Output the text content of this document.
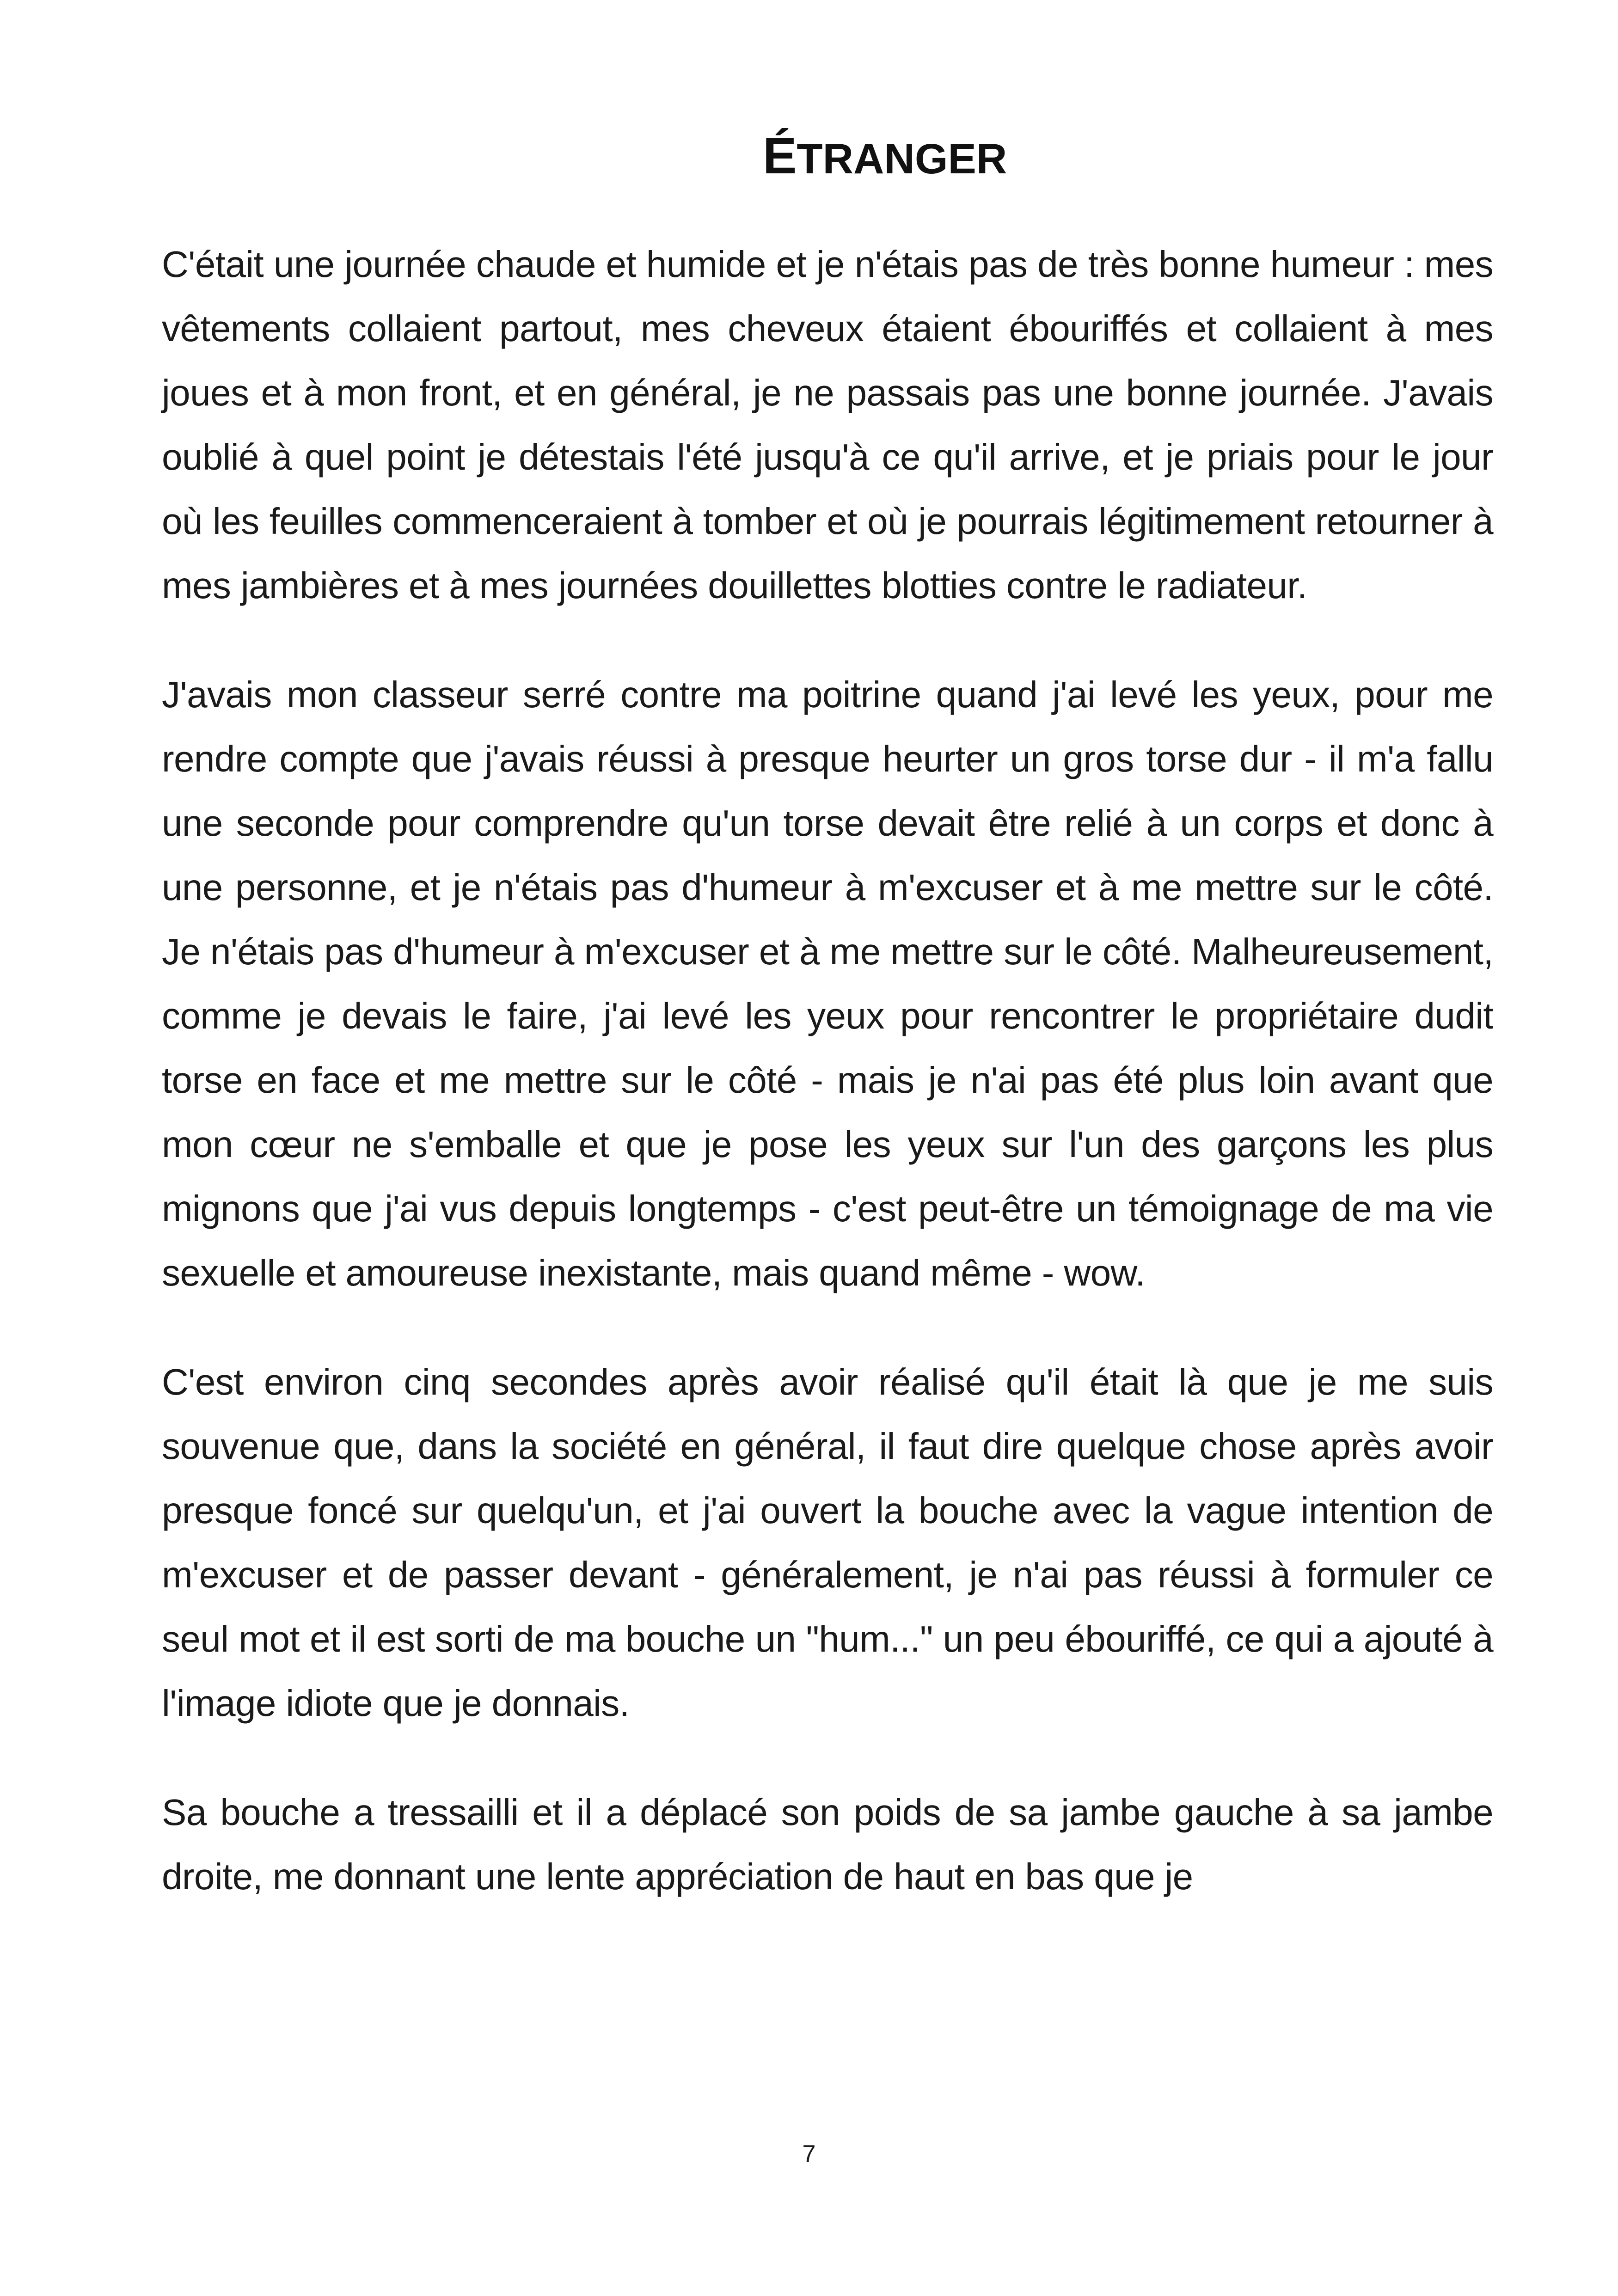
ÉTRANGER

C'était une journée chaude et humide et je n'étais pas de très bonne humeur : mes vêtements collaient partout, mes cheveux étaient ébouriffés et collaient à mes joues et à mon front, et en général, je ne passais pas une bonne journée. J'avais oublié à quel point je détestais l'été jusqu'à ce qu'il arrive, et je priais pour le jour où les feuilles commenceraient à tomber et où je pourrais légitimement retourner à mes jambières et à mes journées douillettes blotties contre le radiateur.

J'avais mon classeur serré contre ma poitrine quand j'ai levé les yeux, pour me rendre compte que j'avais réussi à presque heurter un gros torse dur - il m'a fallu une seconde pour comprendre qu'un torse devait être relié à un corps et donc à une personne, et je n'étais pas d'humeur à m'excuser et à me mettre sur le côté. Je n'étais pas d'humeur à m'excuser et à me mettre sur le côté. Malheureusement, comme je devais le faire, j'ai levé les yeux pour rencontrer le propriétaire dudit torse en face et me mettre sur le côté - mais je n'ai pas été plus loin avant que mon cœur ne s'emballe et que je pose les yeux sur l'un des garçons les plus mignons que j'ai vus depuis longtemps - c'est peut-être un témoignage de ma vie sexuelle et amoureuse inexistante, mais quand même - wow.

C'est environ cinq secondes après avoir réalisé qu'il était là que je me suis souvenue que, dans la société en général, il faut dire quelque chose après avoir presque foncé sur quelqu'un, et j'ai ouvert la bouche avec la vague intention de m'excuser et de passer devant - généralement, je n'ai pas réussi à formuler ce seul mot et il est sorti de ma bouche un "hum..." un peu ébouriffé, ce qui a ajouté à l'image idiote que je donnais.

Sa bouche a tressailli et il a déplacé son poids de sa jambe gauche à sa jambe droite, me donnant une lente appréciation de haut en bas que je

7
